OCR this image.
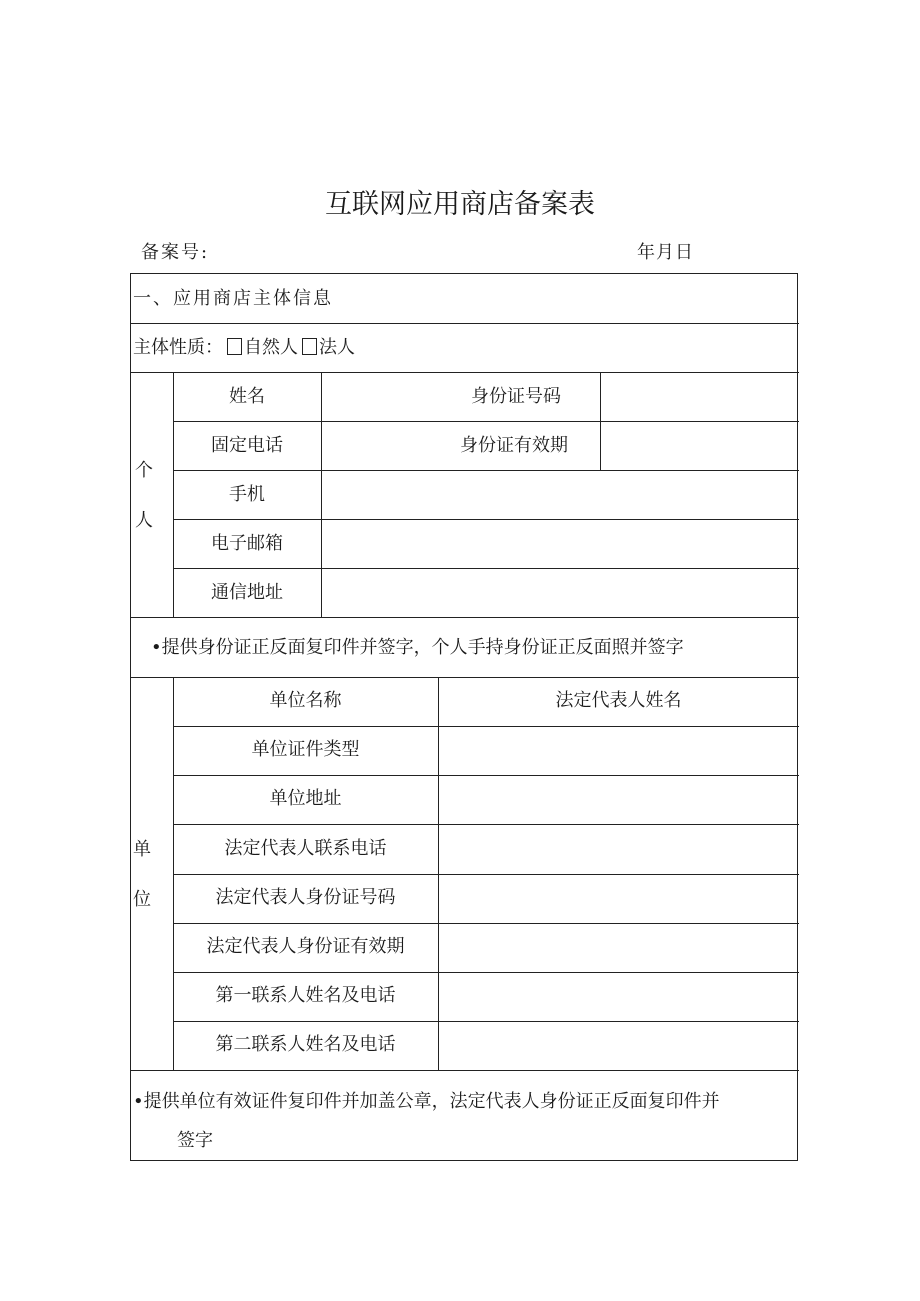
互联网应用商店备案表
备案号:	年月日
一、应用商店主体信息
主体性质： 自然人 法人
个
人
姓名	身份证号码
固定电话	身份证有效期
手机
电子邮箱
通信地址
•提供身份证正反面复印件并签字，个人手持身份证正反面照并签字
单
位
单位名称	法定代表人姓名
单位证件类型
单位地址
法定代表人联系电话
法定代表人身份证号码
法定代表人身份证有效期
第一联系人姓名及电话
第二联系人姓名及电话
•提供单位有效证件复印件并加盖公章，法定代表人身份证正反面复印件并
签字
